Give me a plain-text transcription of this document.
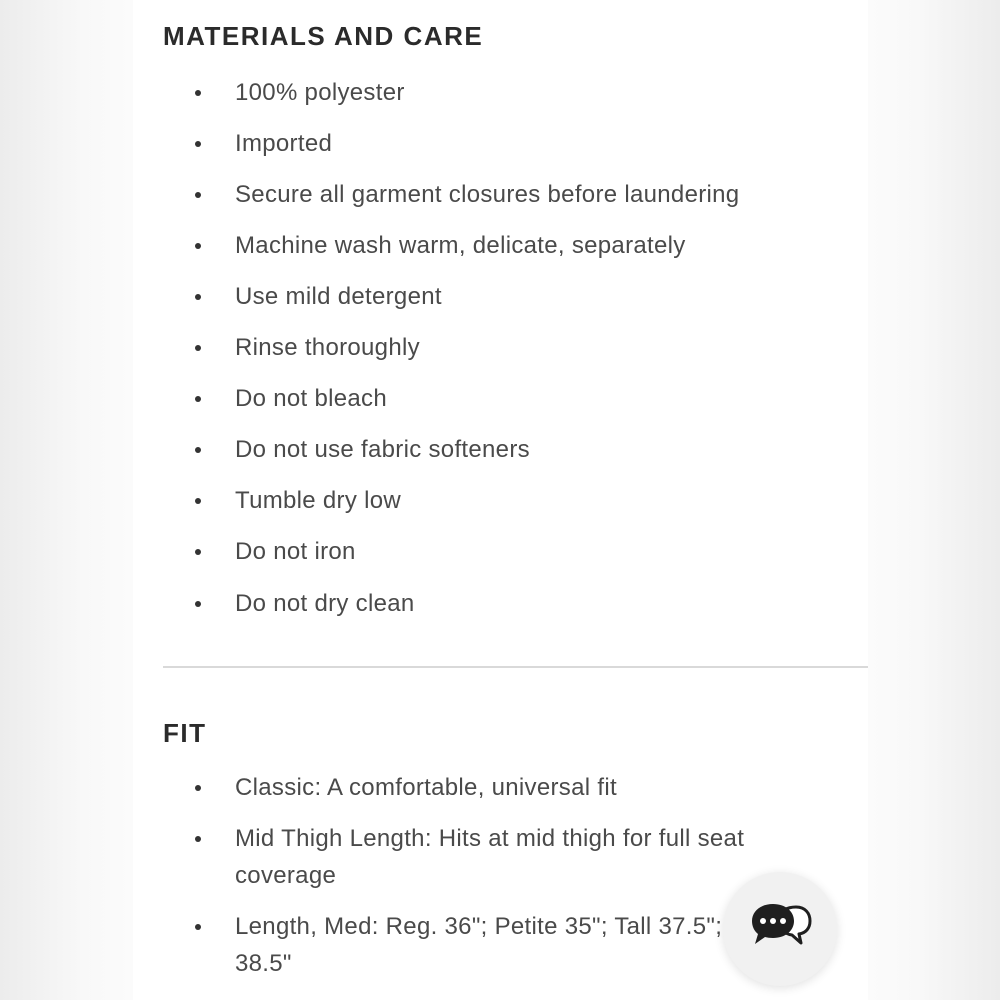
MATERIALS AND CARE
100% polyester
Imported
Secure all garment closures before laundering
Machine wash warm, delicate, separately
Use mild detergent
Rinse thoroughly
Do not bleach
Do not use fabric softeners
Tumble dry low
Do not iron
Do not dry clean
FIT
Classic: A comfortable, universal fit
Mid Thigh Length: Hits at mid thigh for full seat coverage
Length, Med: Reg. 36"; Petite 35"; Tall 37.5"; 38.5"
